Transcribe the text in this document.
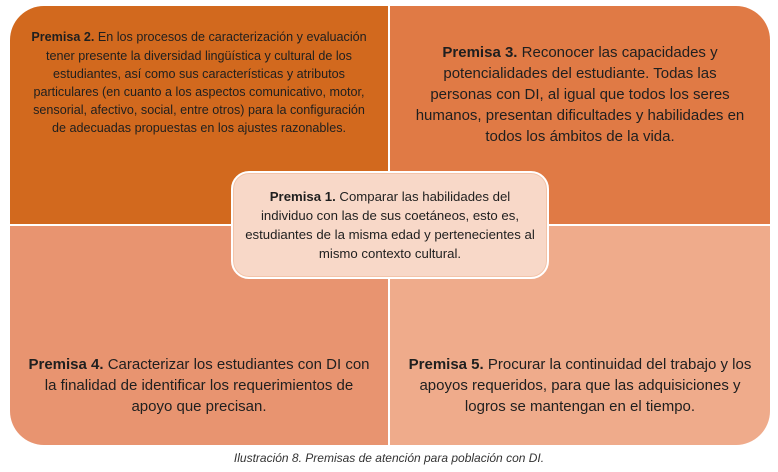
Premisa 2. En los procesos de caracterización y evaluación tener presente la diversidad lingüística y cultural de los estudiantes, así como sus características y atributos particulares (en cuanto a los aspectos comunicativo, motor, sensorial, afectivo, social, entre otros) para la configuración de adecuadas propuestas en los ajustes razonables.

Premisa 3. Reconocer las capacidades y potencialidades del estudiante. Todas las personas con DI, al igual que todos los seres humanos, presentan dificultades y habilidades en todos los ámbitos de la vida.

Premisa 4. Caracterizar los estudiantes con DI con la finalidad de identificar los requerimientos de apoyo que precisan.

Premisa 5. Procurar la continuidad del trabajo y los apoyos requeridos, para que las adquisiciones y logros se mantengan en el tiempo.

Premisa 1. Comparar las habilidades del individuo con las de sus coetáneos, esto es, estudiantes de la misma edad y pertenecientes al mismo contexto cultural.

Ilustración 8. Premisas de atención para población con DI.
